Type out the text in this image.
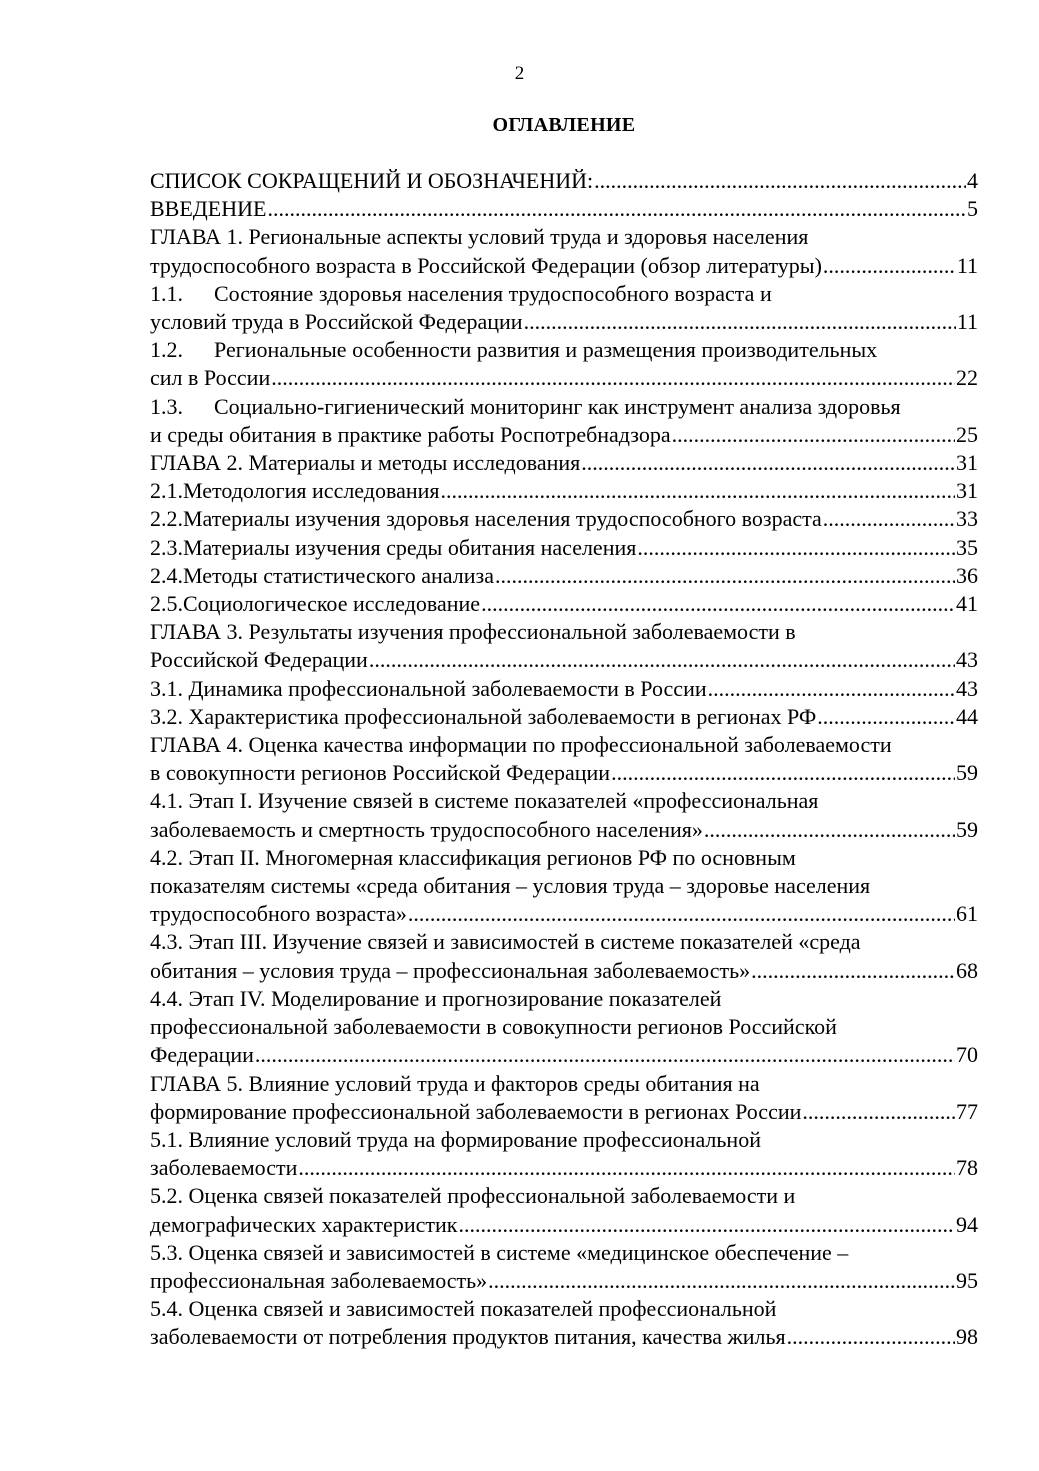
2
ОГЛАВЛЕНИЕ
СПИСОК СОКРАЩЕНИЙ И ОБОЗНАЧЕНИЙ: .....	4
ВВЕДЕНИЕ .....	5
ГЛАВА 1. Региональные аспекты условий труда и здоровья населения
трудоспособного возраста в Российской Федерации (обзор литературы) .....	11
1.1.	Состояние здоровья населения трудоспособного возраста и
условий труда в Российской Федерации .....	11
1.2.	Региональные особенности развития и размещения производительных
сил в России .....	22
1.3.	Социально-гигиенический мониторинг как инструмент анализа здоровья
и среды обитания в практике работы Роспотребнадзора .....	25
ГЛАВА 2. Материалы и методы исследования .....	31
2.1. Методология исследования .....	31
2.2. Материалы изучения здоровья населения трудоспособного возраста .....	33
2.3. Материалы изучения среды обитания населения .....	35
2.4. Методы статистического анализа .....	36
2.5. Социологическое исследование .....	41
ГЛАВА 3. Результаты изучения профессиональной заболеваемости в
Российской Федерации .....	43
3.1. Динамика профессиональной заболеваемости в России .....	43
3.2. Характеристика профессиональной заболеваемости в регионах РФ .....	44
ГЛАВА 4. Оценка качества информации по профессиональной заболеваемости
в совокупности регионов Российской Федерации .....	59
4.1. Этап I. Изучение связей в системе показателей «профессиональная
заболеваемость и смертность трудоспособного населения» .....	59
4.2. Этап II. Многомерная классификация регионов РФ по основным
показателям системы «среда обитания – условия труда – здоровье населения
трудоспособного возраста» .....	61
4.3. Этап III. Изучение связей и зависимостей в системе показателей «среда
обитания – условия труда – профессиональная заболеваемость» .....	68
4.4. Этап IV. Моделирование и прогнозирование показателей
профессиональной заболеваемости в совокупности регионов Российской
Федерации .....	70
ГЛАВА 5. Влияние условий труда и факторов среды обитания на
формирование профессиональной заболеваемости в регионах России .....	77
5.1. Влияние условий труда на формирование профессиональной
заболеваемости .....	78
5.2. Оценка связей показателей профессиональной заболеваемости и
демографических характеристик .....	94
5.3. Оценка связей и зависимостей в системе «медицинское обеспечение –
профессиональная заболеваемость» .....	95
5.4. Оценка связей и зависимостей показателей профессиональной
заболеваемости от потребления продуктов питания, качества жилья .....	98
